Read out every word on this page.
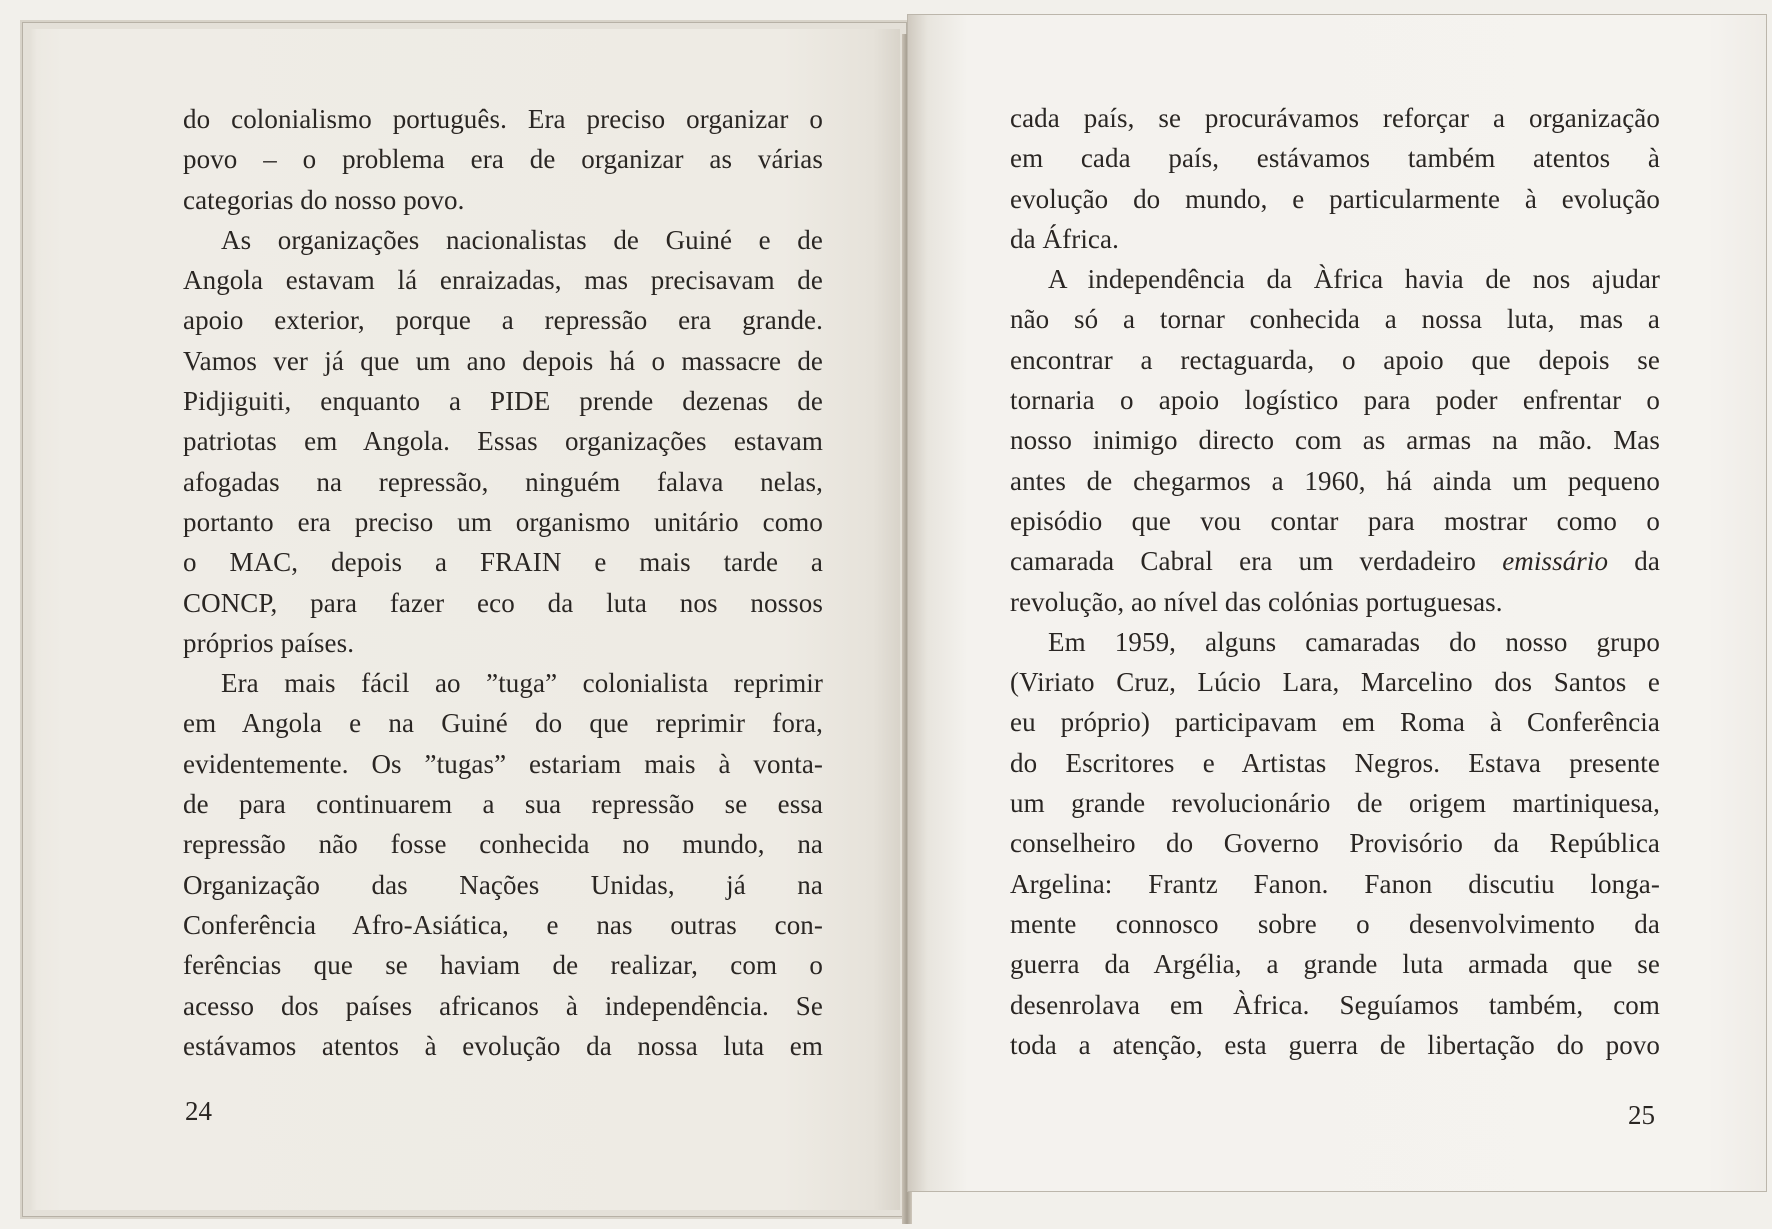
do colonialismo português. Era preciso organizar o
povo – o problema era de organizar as várias
categorias do nosso povo.
As organizações nacionalistas de Guiné e de
Angola estavam lá enraizadas, mas precisavam de
apoio exterior, porque a repressão era grande.
Vamos ver já que um ano depois há o massacre de
Pidjiguiti, enquanto a PIDE prende dezenas de
patriotas em Angola. Essas organizações estavam
afogadas na repressão, ninguém falava nelas,
portanto era preciso um organismo unitário como
o MAC, depois a FRAIN e mais tarde a
CONCP, para fazer eco da luta nos nossos
próprios países.
Era mais fácil ao ”tuga” colonialista reprimir
em Angola e na Guiné do que reprimir fora,
evidentemente. Os ”tugas” estariam mais à vonta-
de para continuarem a sua repressão se essa
repressão não fosse conhecida no mundo, na
Organização das Nações Unidas, já na
Conferência Afro-Asiática, e nas outras con-
ferências que se haviam de realizar, com o
acesso dos países africanos à independência. Se
estávamos atentos à evolução da nossa luta em
24
cada país, se procurávamos reforçar a organização
em cada país, estávamos também atentos à
evolução do mundo, e particularmente à evolução
da África.
A independência da Àfrica havia de nos ajudar
não só a tornar conhecida a nossa luta, mas a
encontrar a rectaguarda, o apoio que depois se
tornaria o apoio logístico para poder enfrentar o
nosso inimigo directo com as armas na mão. Mas
antes de chegarmos a 1960, há ainda um pequeno
episódio que vou contar para mostrar como o
camarada Cabral era um verdadeiro emissário da
revolução, ao nível das colónias portuguesas.
Em 1959, alguns camaradas do nosso grupo
(Viriato Cruz, Lúcio Lara, Marcelino dos Santos e
eu próprio) participavam em Roma à Conferência
do Escritores e Artistas Negros. Estava presente
um grande revolucionário de origem martiniquesa,
conselheiro do Governo Provisório da República
Argelina: Frantz Fanon. Fanon discutiu longa-
mente connosco sobre o desenvolvimento da
guerra da Argélia, a grande luta armada que se
desenrolava em Àfrica. Seguíamos também, com
toda a atenção, esta guerra de libertação do povo
25
